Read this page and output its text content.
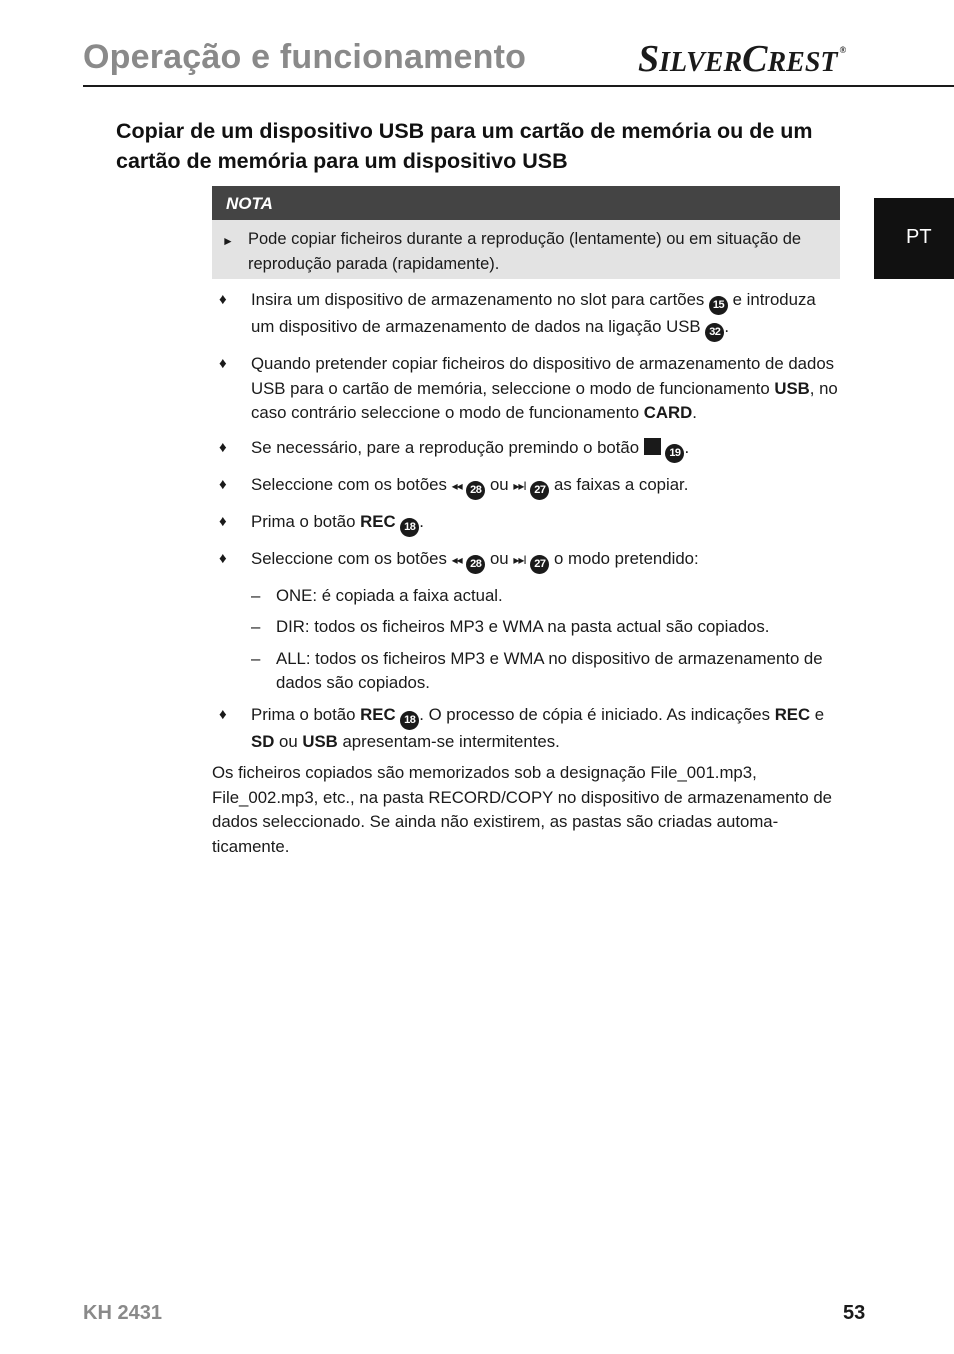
Operação e funcionamento	SILVERCREST ®
PT
Copiar de um dispositivo USB para um cartão de memória ou de um cartão de memória para um dispositivo USB
NOTA
► Pode copiar ficheiros durante a reprodução (lentamente) ou em situação de reprodução parada (rapidamente).
♦ Insira um dispositivo de armazenamento no slot para cartões 15 e introduza um dispositivo de armazenamento de dados na ligação USB 32 .
♦ Quando pretender copiar ficheiros do dispositivo de armazenamento de dados USB para o cartão de memória, seleccione o modo de funcionamento USB, no caso contrário seleccione o modo de funcionamento CARD.
♦ Se necessário, pare a reprodução premindo o botão	19 .
♦ Seleccione com os botões ◂◂ 28 ou ▸▸I 27 as faixas a copiar.
♦ Prima o botão REC 18 .
♦ Seleccione com os botões ◂◂ 28 ou ▸▸I 27 o modo pretendido:
– ONE: é copiada a faixa actual.
– DIR: todos os ficheiros MP3 e WMA na pasta actual são copiados.
– ALL: todos os ficheiros MP3 e WMA no dispositivo de armazenamento de dados são copiados.
♦ Prima o botão REC 18 . O processo de cópia é iniciado. As indicações REC e SD ou USB apresentam-se intermitentes.
Os ficheiros copiados são memorizados sob a designação File_001.mp3, File_002.mp3, etc., na pasta RECORD/COPY no dispositivo de armazenamento de dados seleccionado. Se ainda não existirem, as pastas são criadas automa-ticamente.
KH 2431	53
